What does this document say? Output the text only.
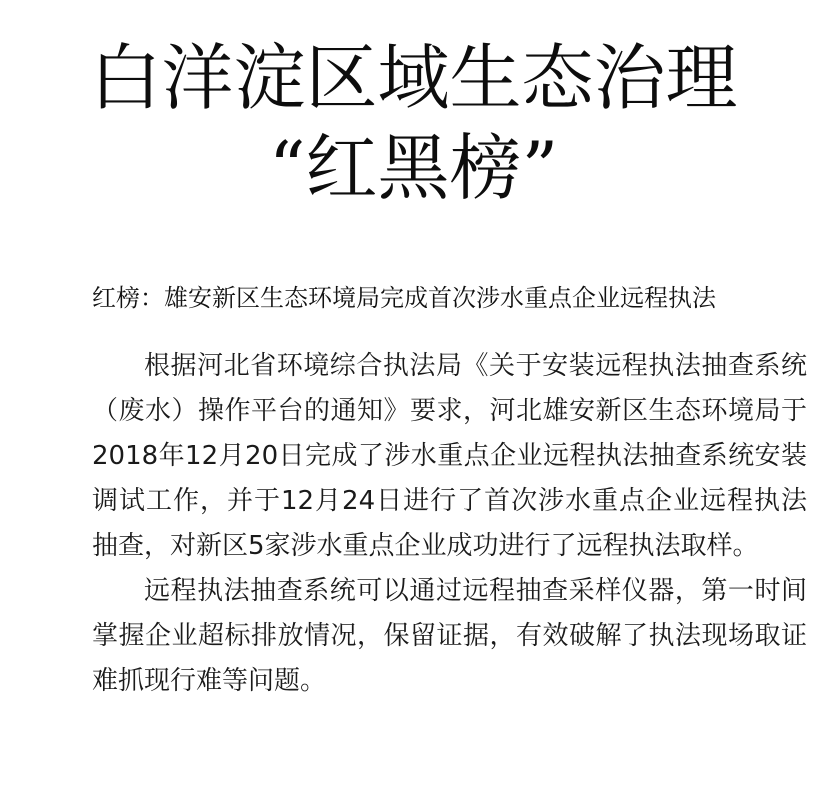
白洋淀区域生态治理
“红黑榜”
红榜：雄安新区生态环境局完成首次涉水重点企业远程执法

根据河北省环境综合执法局《关于安装远程执法抽查系统（废水）操作平台的通知》要求，河北雄安新区生态环境局于2018年12月20日完成了涉水重点企业远程执法抽查系统安装调试工作，并于12月24日进行了首次涉水重点企业远程执法抽查，对新区5家涉水重点企业成功进行了远程执法取样。

远程执法抽查系统可以通过远程抽查采样仪器，第一时间掌握企业超标排放情况，保留证据，有效破解了执法现场取证难抓现行难等问题。
